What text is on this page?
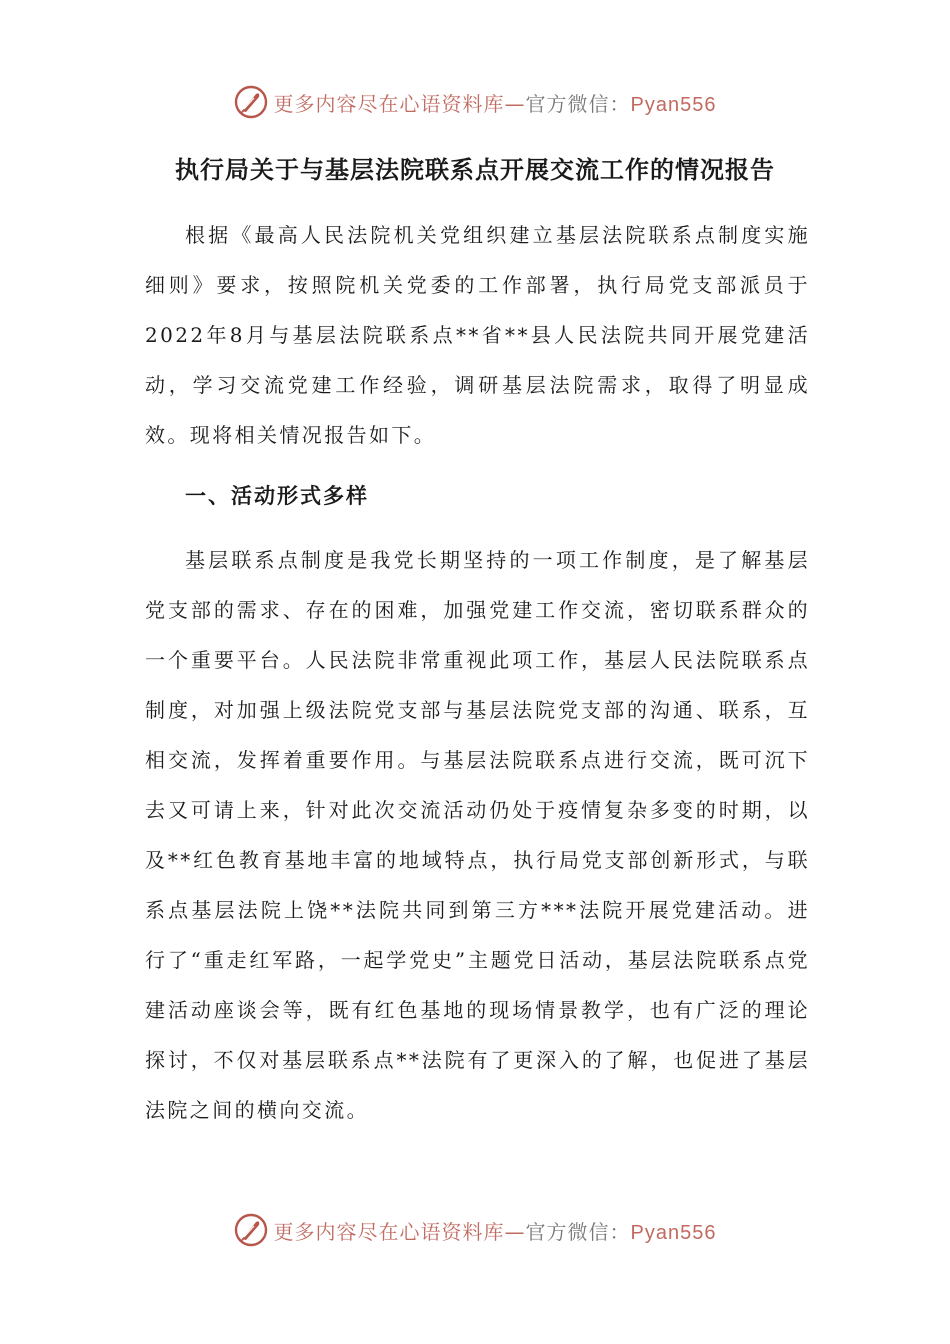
更多内容尽在心语资料库—官方微信：Pyan556
执行局关于与基层法院联系点开展交流工作的情况报告

根据《最高人民法院机关党组织建立基层法院联系点制度实施细则》要求，按照院机关党委的工作部署，执行局党支部派员于2022年8月与基层法院联系点**省**县人民法院共同开展党建活动，学习交流党建工作经验，调研基层法院需求，取得了明显成效。现将相关情况报告如下。

一、活动形式多样

基层联系点制度是我党长期坚持的一项工作制度，是了解基层党支部的需求、存在的困难，加强党建工作交流，密切联系群众的一个重要平台。人民法院非常重视此项工作，基层人民法院联系点制度，对加强上级法院党支部与基层法院党支部的沟通、联系，互相交流，发挥着重要作用。与基层法院联系点进行交流，既可沉下去又可请上来，针对此次交流活动仍处于疫情复杂多变的时期，以及**红色教育基地丰富的地域特点，执行局党支部创新形式，与联系点基层法院上饶**法院共同到第三方***法院开展党建活动。进行了“重走红军路，一起学党史”主题党日活动，基层法院联系点党建活动座谈会等，既有红色基地的现场情景教学，也有广泛的理论探讨，不仅对基层联系点**法院有了更深入的了解，也促进了基层法院之间的横向交流。

更多内容尽在心语资料库—官方微信：Pyan556
